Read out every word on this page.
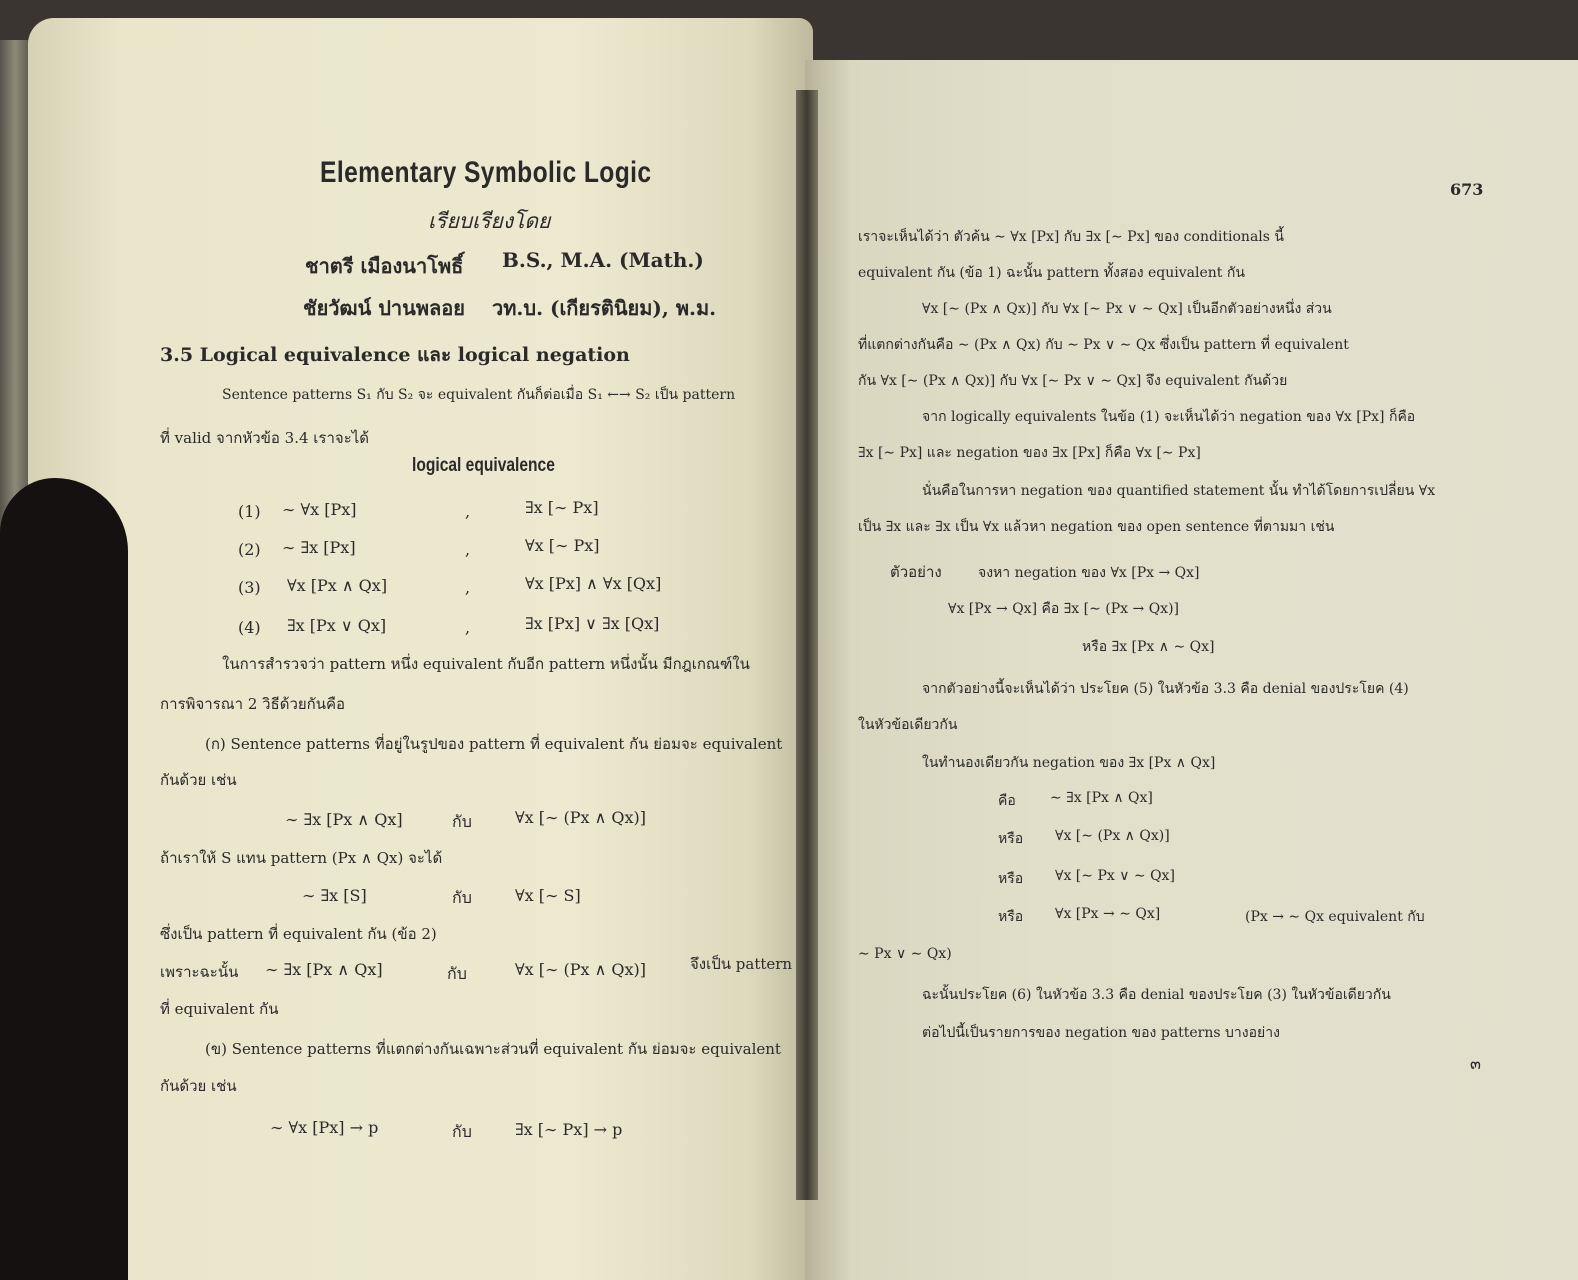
Elementary Symbolic Logic
เรียบเรียงโดย
ชาตรี เมืองนาโพธิ์ B.S., M.A. (Math.)
ชัยวัฒน์ ปานพลอย วท.บ. (เกียรตินิยม), พ.ม.
3.5 Logical equivalence และ logical negation
Sentence patterns S₁ กับ S₂ จะ equivalent กันก็ต่อเมื่อ S₁ ←→ S₂ เป็น pattern
ที่ valid จากหัวข้อ 3.4 เราจะได้
logical equivalence
(1) ∼ ∀x [Px]	,	∃x [∼ Px]
(2) ∼ ∃x [Px]	,	∀x [∼ Px]
(3) ∀x [Px ∧ Qx]	,	∀x [Px] ∧ ∀x [Qx]
(4) ∃x [Px ∨ Qx]	,	∃x [Px] ∨ ∃x [Qx]
ในการสำรวจว่า pattern หนึ่ง equivalent กับอีก pattern หนึ่งนั้น มีกฎเกณฑ์ใน
การพิจารณา 2 วิธีด้วยกันคือ
(ก) Sentence patterns ที่อยู่ในรูปของ pattern ที่ equivalent กัน ย่อมจะ equivalent
กันด้วย เช่น
∼ ∃x [Px ∧ Qx]	กับ	∀x [∼ (Px ∧ Qx)]
ถ้าเราให้ S แทน pattern (Px ∧ Qx) จะได้
∼ ∃x [S]	กับ	∀x [∼ S]
ซึ่งเป็น pattern ที่ equivalent กัน (ข้อ 2)
เพราะฉะนั้น ∼ ∃x [Px ∧ Qx]	กับ	∀x [∼ (Px ∧ Qx)]	จึงเป็น pattern
ที่ equivalent กัน
(ข) Sentence patterns ที่แตกต่างกันเฉพาะส่วนที่ equivalent กัน ย่อมจะ equivalent
กันด้วย เช่น
∼ ∀x [Px] → p	กับ	∃x [∼ Px] → p
673
เราจะเห็นได้ว่า ตัวค้น ∼ ∀x [Px] กับ ∃x [∼ Px] ของ conditionals นี้
equivalent กัน (ข้อ 1) ฉะนั้น pattern ทั้งสอง equivalent กัน
∀x [∼ (Px ∧ Qx)] กับ ∀x [∼ Px ∨ ∼ Qx] เป็นอีกตัวอย่างหนึ่ง ส่วน
ที่แตกต่างกันคือ ∼ (Px ∧ Qx) กับ ∼ Px ∨ ∼ Qx ซึ่งเป็น pattern ที่ equivalent
กัน ∀x [∼ (Px ∧ Qx)] กับ ∀x [∼ Px ∨ ∼ Qx] จึง equivalent กันด้วย
จาก logically equivalents ในข้อ (1) จะเห็นได้ว่า negation ของ ∀x [Px] ก็คือ
∃x [∼ Px] และ negation ของ ∃x [Px] ก็คือ ∀x [∼ Px]
นั่นคือในการหา negation ของ quantified statement นั้น ทำได้โดยการเปลี่ยน ∀x
เป็น ∃x และ ∃x เป็น ∀x แล้วหา negation ของ open sentence ที่ตามมา เช่น
ตัวอย่าง	จงหา negation ของ ∀x [Px → Qx]
∀x [Px → Qx] คือ ∃x [∼ (Px → Qx)]
หรือ ∃x [Px ∧ ∼ Qx]
จากตัวอย่างนี้จะเห็นได้ว่า ประโยค (5) ในหัวข้อ 3.3 คือ denial ของประโยค (4)
ในหัวข้อเดียวกัน
ในทำนองเดียวกัน negation ของ ∃x [Px ∧ Qx]
คือ ∼ ∃x [Px ∧ Qx]
หรือ ∀x [∼ (Px ∧ Qx)]
หรือ ∀x [∼ Px ∨ ∼ Qx]
หรือ ∀x [Px → ∼ Qx]	(Px → ∼ Qx equivalent กับ
∼ Px ∨ ∼ Qx)
ฉะนั้นประโยค (6) ในหัวข้อ 3.3 คือ denial ของประโยค (3) ในหัวข้อเดียวกัน
ต่อไปนี้เป็นรายการของ negation ของ patterns บางอย่าง
๓
